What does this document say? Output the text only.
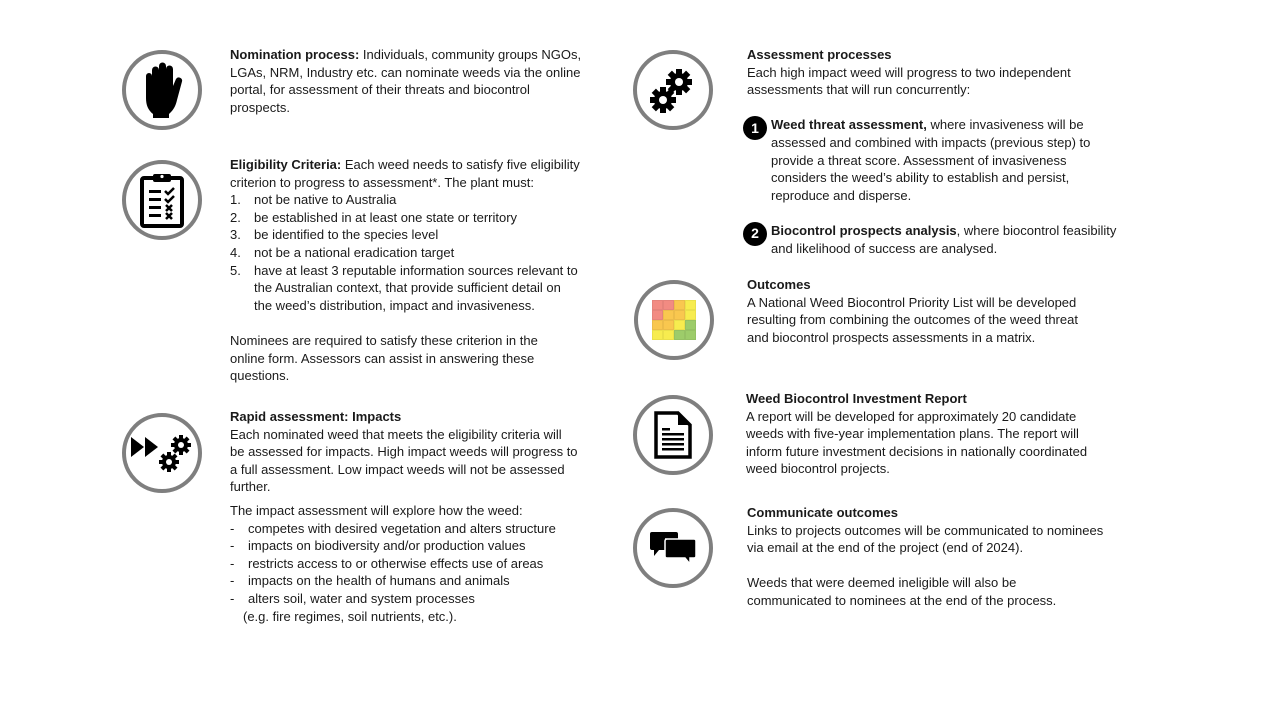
Nomination process: Individuals, community groups NGOs,

LGAs, NRM, Industry etc. can nominate weeds via the online

portal, for assessment of their threats and biocontrol

prospects.

Eligibility Criteria: Each weed needs to satisfy five eligibility

criterion to progress to assessment*. The plant must:

1. not be native to Australia
2. be established in at least one state or territory
3. be identified to the species level
4. not be a national eradication target
5. have at least 3 reputable information sources relevant to
the Australian context, that provide sufficient detail on
the weed’s distribution, impact and invasiveness.

Nominees are required to satisfy these criterion in the

online form. Assessors can assist in answering these

questions.

Rapid assessment: Impacts

Each nominated weed that meets the eligibility criteria will

be assessed for impacts. High impact weeds will progress to

a full assessment. Low impact weeds will not be assessed

further.

The impact assessment will explore how the weed:

- competes with desired vegetation and alters structure
- impacts on biodiversity and/or production values
- restricts access to or otherwise effects use of areas
- impacts on the health of humans and animals
- alters soil, water and system processes

(e.g. fire regimes, soil nutrients, etc.).

Assessment processes

Each high impact weed will progress to two independent

assessments that will run concurrently:

1 Weed threat assessment, where invasiveness will be

assessed and combined with impacts (previous step) to

provide a threat score. Assessment of invasiveness

considers the weed’s ability to establish and persist,

reproduce and disperse.

2 Biocontrol prospects analysis, where biocontrol feasibility

and likelihood of success are analysed.

Outcomes

A National Weed Biocontrol Priority List will be developed

resulting from combining the outcomes of the weed threat

and biocontrol prospects assessments in a matrix.

Weed Biocontrol Investment Report

A report will be developed for approximately 20 candidate

weeds with five-year implementation plans. The report will

inform future investment decisions in nationally coordinated

weed biocontrol projects.

Communicate outcomes

Links to projects outcomes will be communicated to nominees

via email at the end of the project (end of 2024).

Weeds that were deemed ineligible will also be

communicated to nominees at the end of the process.
